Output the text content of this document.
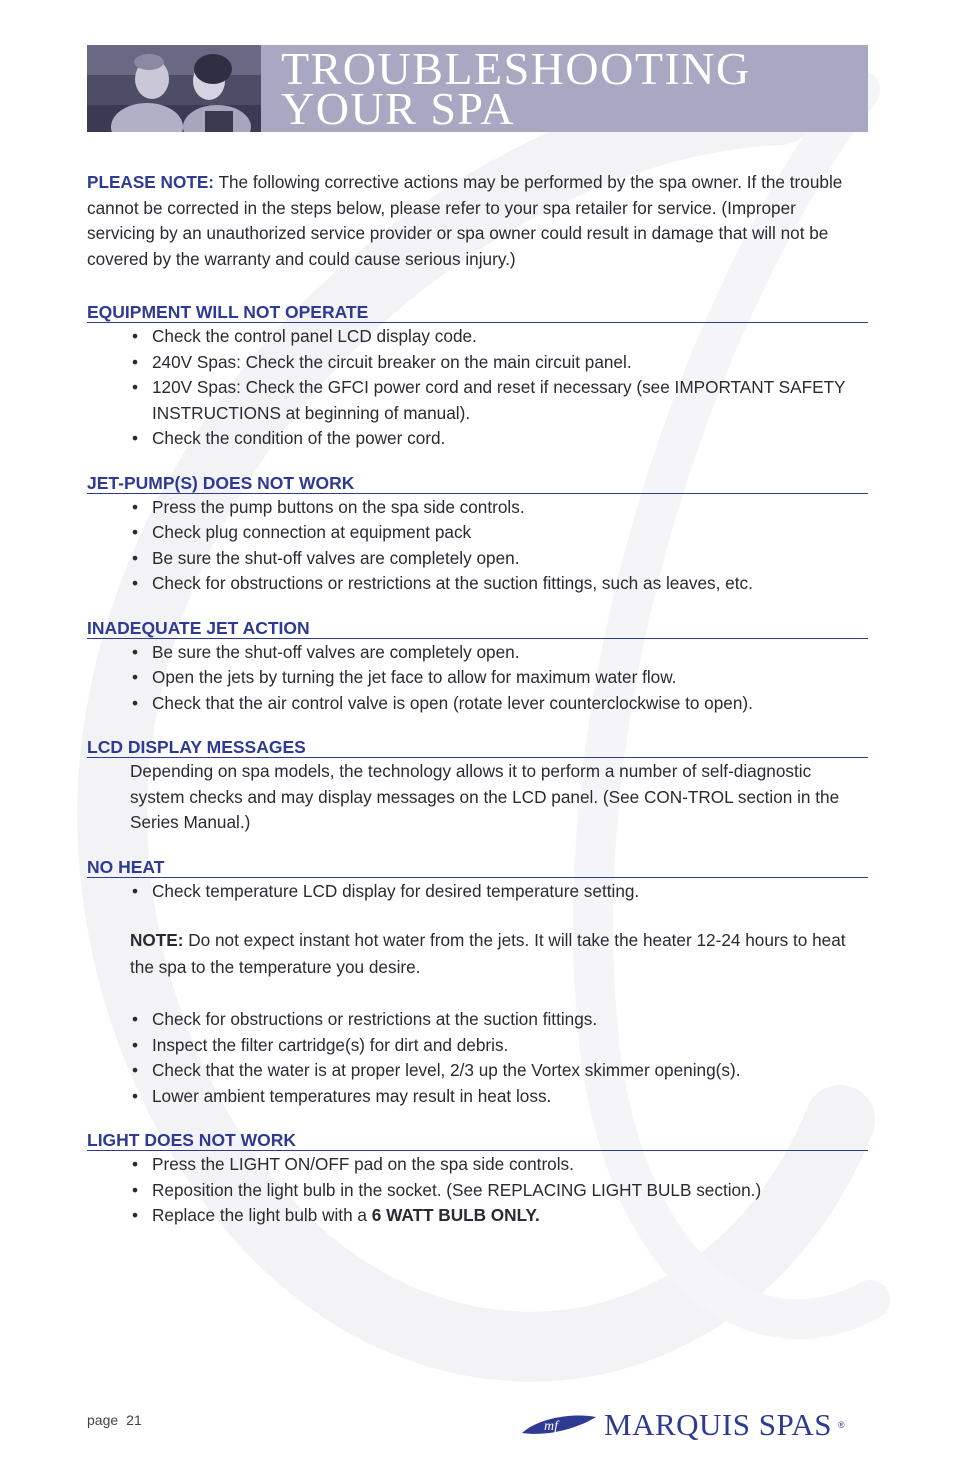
TROUBLESHOOTING
YOUR SPA

PLEASE NOTE: The following corrective actions may be performed by the spa owner. If the trouble cannot be corrected in the steps below, please refer to your spa retailer for service. (Improper servicing by an unauthorized service provider or spa owner could result in damage that will not be covered by the warranty and could cause serious injury.)

EQUIPMENT WILL NOT OPERATE
• Check the control panel LCD display code.
• 240V Spas: Check the circuit breaker on the main circuit panel.
• 120V Spas: Check the GFCI power cord and reset if necessary (see IMPORTANT SAFETY INSTRUCTIONS at beginning of manual).
• Check the condition of the power cord.
JET-PUMP(S) DOES NOT WORK
• Press the pump buttons on the spa side controls.
• Check plug connection at equipment pack
• Be sure the shut-off valves are completely open.
• Check for obstructions or restrictions at the suction fittings, such as leaves, etc.
INADEQUATE JET ACTION
• Be sure the shut-off valves are completely open.
• Open the jets by turning the jet face to allow for maximum water flow.
• Check that the air control valve is open (rotate lever counterclockwise to open).
LCD DISPLAY MESSAGES

Depending on spa models, the technology allows it to perform a number of self-diagnostic system checks and may display messages on the LCD panel. (See CON-TROL section in the Series Manual.)

NO HEAT
• Check temperature LCD display for desired temperature setting.

NOTE: Do not expect instant hot water from the jets. It will take the heater 12-24 hours to heat the spa to the temperature you desire.

• Check for obstructions or restrictions at the suction fittings.
• Inspect the filter cartridge(s) for dirt and debris.
• Check that the water is at proper level, 2/3 up the Vortex skimmer opening(s).
• Lower ambient temperatures may result in heat loss.
LIGHT DOES NOT WORK
• Press the LIGHT ON/OFF pad on the spa side controls.
• Reposition the light bulb in the socket. (See REPLACING LIGHT BULB section.)
• Replace the light bulb with a 6 WATT BULB ONLY.
page 21	mf MARQUIS SPAS ®
